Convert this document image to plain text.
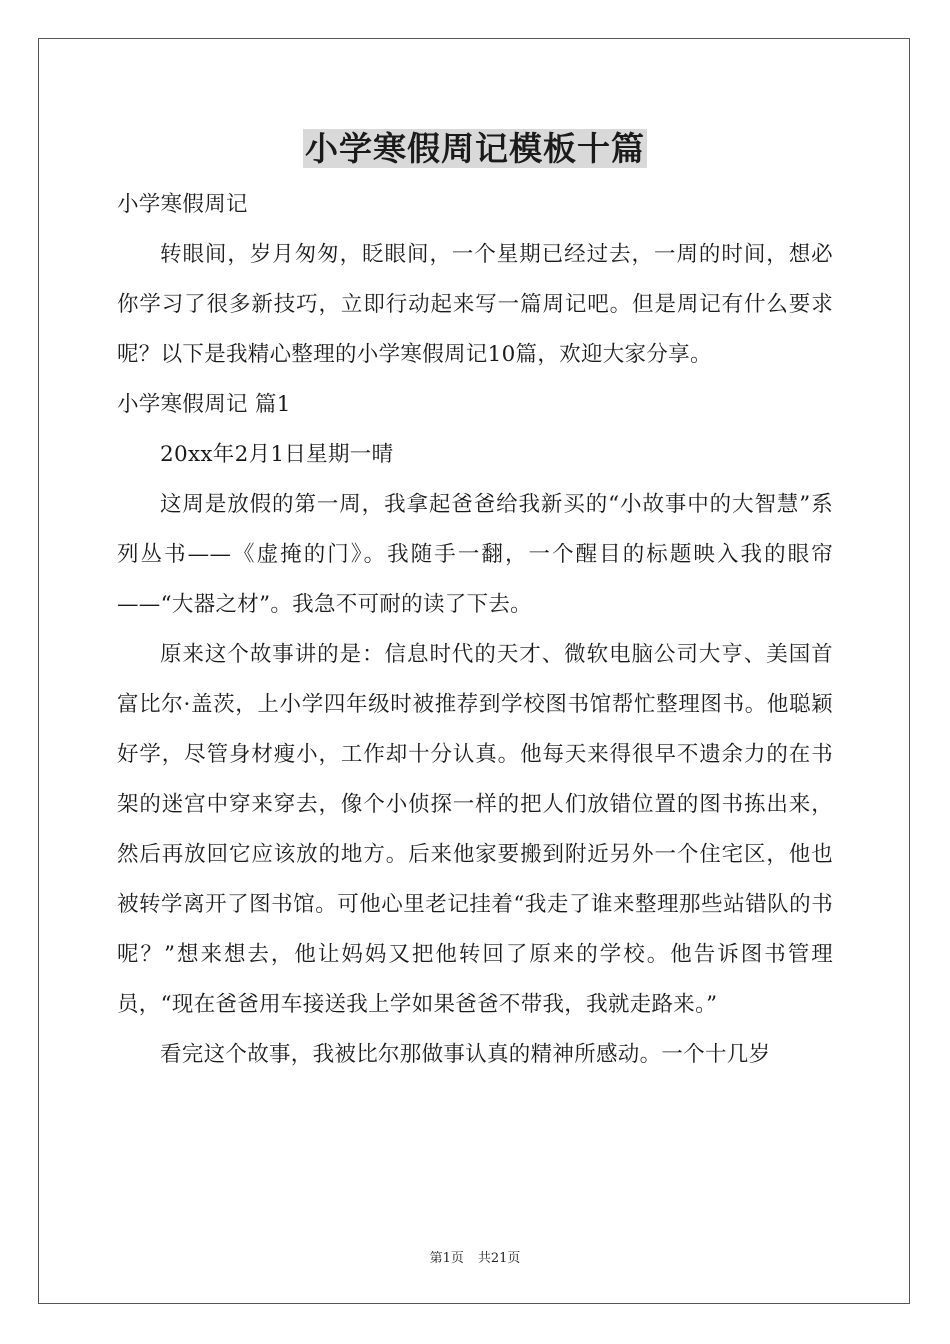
小学寒假周记模板十篇

小学寒假周记

转眼间，岁月匆匆，眨眼间，一个星期已经过去，一周的时间，想必你学习了很多新技巧，立即行动起来写一篇周记吧。但是周记有什么要求呢？以下是我精心整理的小学寒假周记10篇，欢迎大家分享。

小学寒假周记 篇1

20xx年2月1日星期一晴

这周是放假的第一周，我拿起爸爸给我新买的“小故事中的大智慧”系列丛书——《虚掩的门》。我随手一翻，一个醒目的标题映入我的眼帘——“大器之材”。我急不可耐的读了下去。

原来这个故事讲的是：信息时代的天才、微软电脑公司大亨、美国首富比尔·盖茨，上小学四年级时被推荐到学校图书馆帮忙整理图书。他聪颖好学，尽管身材瘦小，工作却十分认真。他每天来得很早不遗余力的在书架的迷宫中穿来穿去，像个小侦探一样的把人们放错位置的图书拣出来，然后再放回它应该放的地方。后来他家要搬到附近另外一个住宅区，他也被转学离开了图书馆。可他心里老记挂着“我走了谁来整理那些站错队的书呢？”想来想去，他让妈妈又把他转回了原来的学校。他告诉图书管理员，“现在爸爸用车接送我上学如果爸爸不带我，我就走路来。”

看完这个故事，我被比尔那做事认真的精神所感动。一个十几岁

第1页 共21页
